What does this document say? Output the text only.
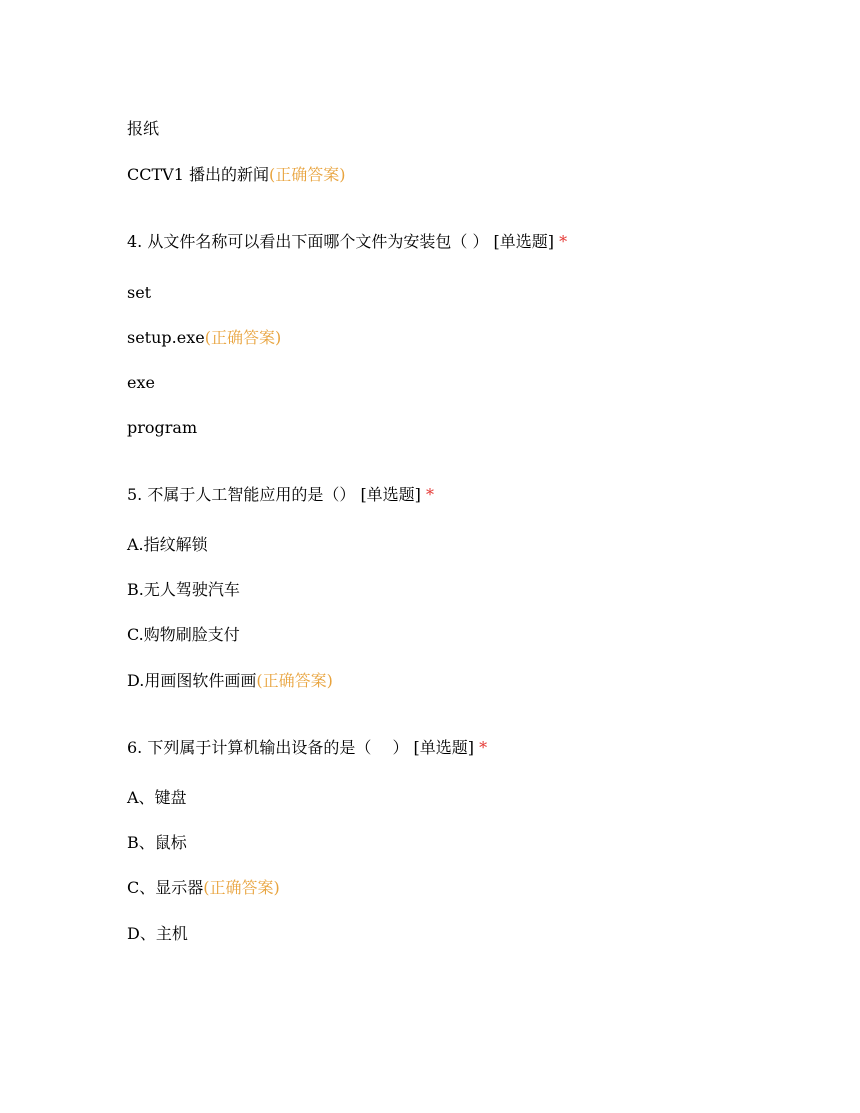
报纸
CCTV1 播出的新闻(正确答案)
4. 从文件名称可以看出下面哪个文件为安装包（ ） [单选题] *
set
setup.exe(正确答案)
exe
program
5. 不属于人工智能应用的是（） [单选题] *
A.指纹解锁
B.无人驾驶汽车
C.购物刷脸支付
D.用画图软件画画(正确答案)
6. 下列属于计算机输出设备的是（　 ） [单选题] *
A、键盘
B、鼠标
C、显示器(正确答案)
D、主机
